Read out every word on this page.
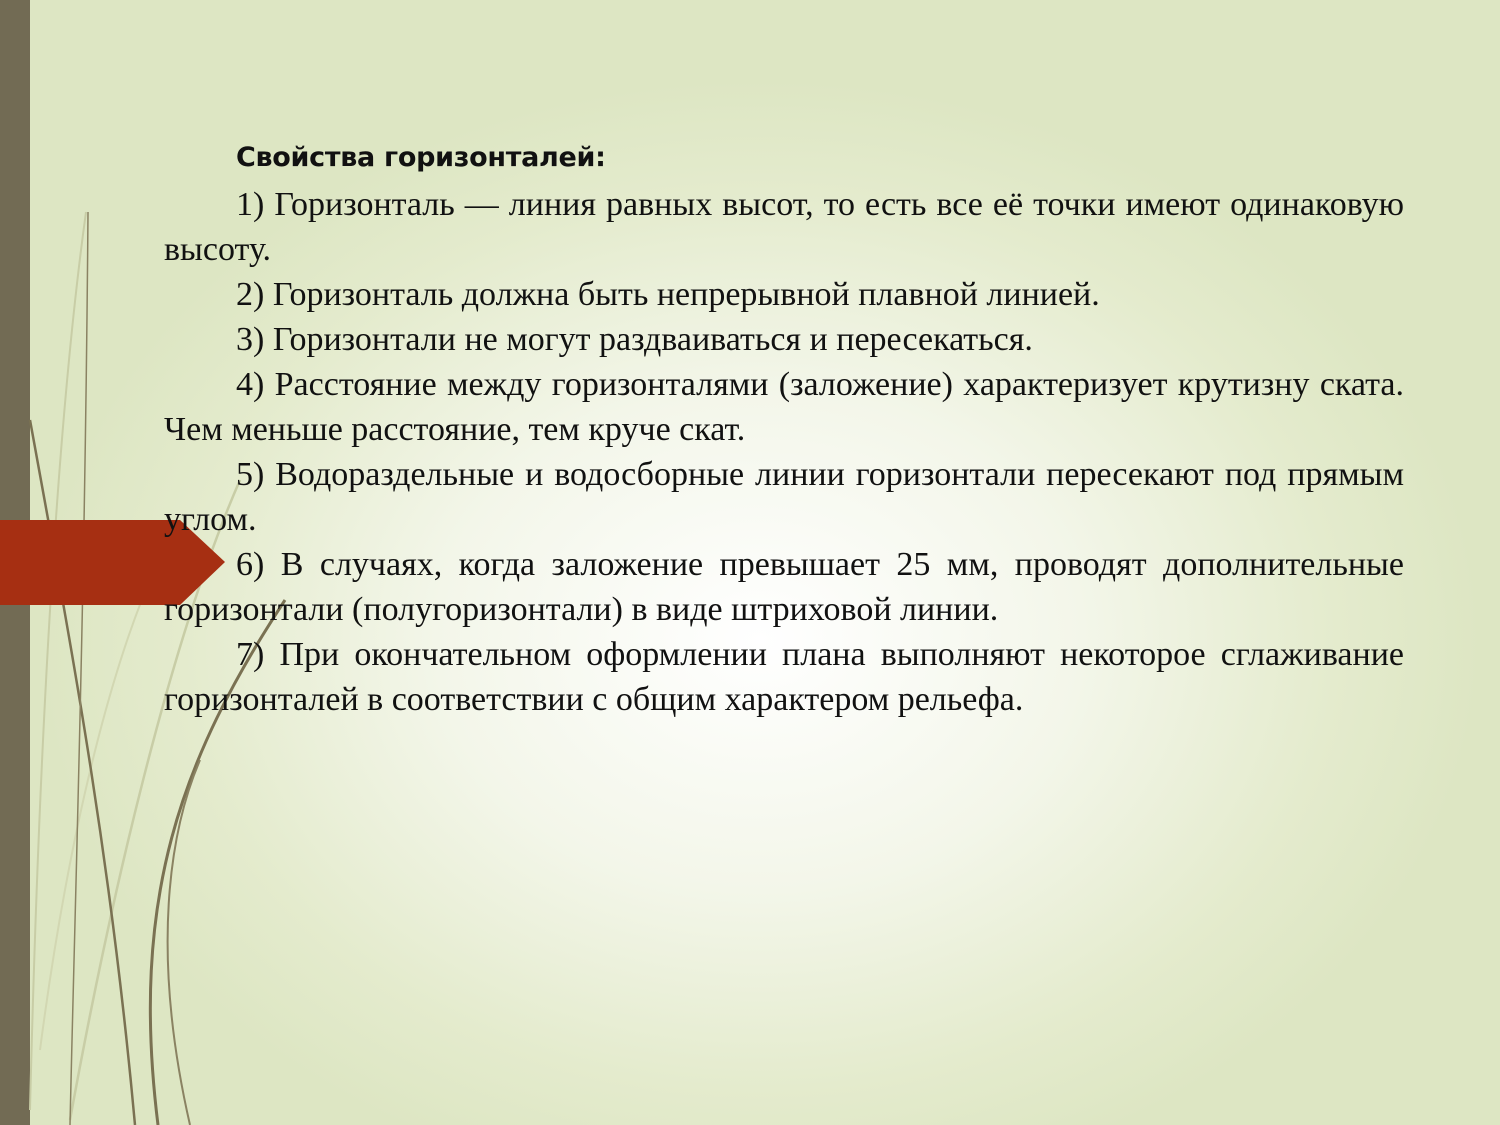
Свойства горизонталей:

1) Горизонталь — линия равных высот, то есть все её точки имеют одинаковую высоту.

2) Горизонталь должна быть непрерывной плавной линией.

3) Горизонтали не могут раздваиваться и пересекаться.

4) Расстояние между горизонталями (заложение) характеризует крутизну ската. Чем меньше расстояние, тем круче скат.

5) Водораздельные и водосборные линии горизонтали пересекают под прямым углом.

6) В случаях, когда заложение превышает 25 мм, проводят дополнительные горизонтали (полугоризонтали) в виде штриховой линии.

7) При окончательном оформлении плана выполняют некоторое сглаживание горизонталей в соответствии с общим характером рельефа.
